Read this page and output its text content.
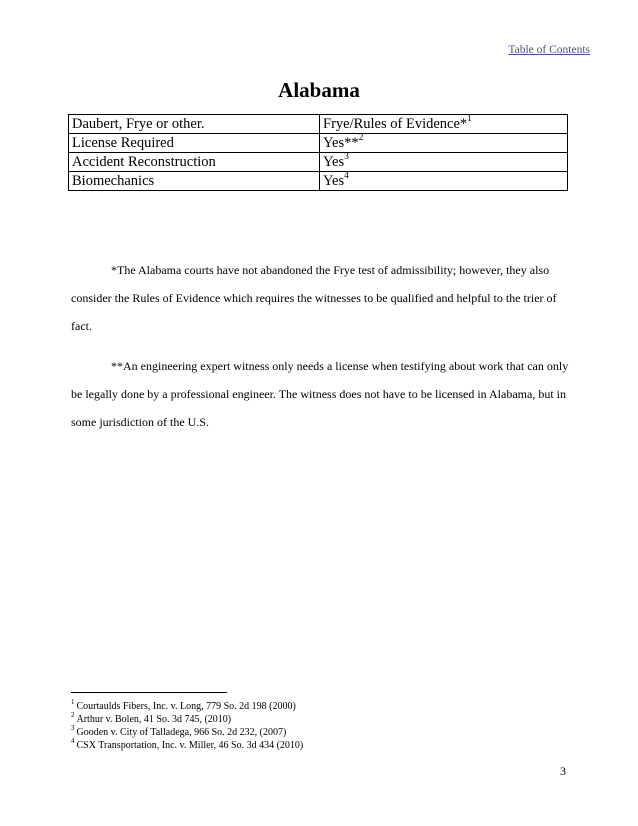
Table of Contents
Alabama
Daubert, Frye or other.	Frye/Rules of Evidence*$^1$
License Required	Yes**$^2$
Accident Reconstruction	Yes$^3$
Biomechanics	Yes$^4$

*The Alabama courts have not abandoned the Frye test of admissibility; however, they also consider the Rules of Evidence which requires the witnesses to be qualified and helpful to the trier of fact.

**An engineering expert witness only needs a license when testifying about work that can only be legally done by a professional engineer. The witness does not have to be licensed in Alabama, but in some jurisdiction of the U.S.

$^1$ Courtaulds Fibers, Inc. v. Long, 779 So. 2d 198 (2000)
$^2$ Arthur v. Bolen, 41 So. 3d 745, (2010)
$^3$ Gooden v. City of Talladega, 966 So. 2d 232, (2007)
$^4$ CSX Transportation, Inc. v. Miller, 46 So. 3d 434 (2010)
3
